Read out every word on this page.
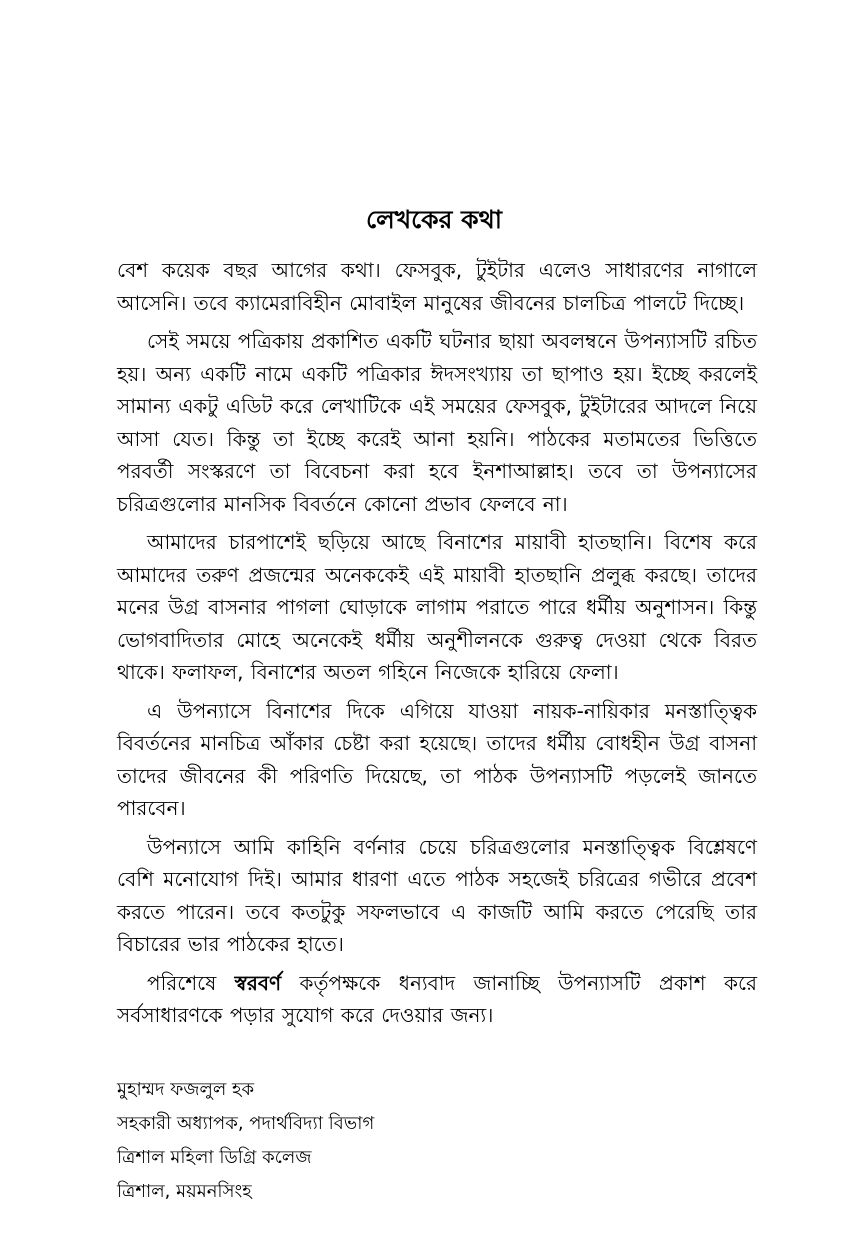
লেখকের কথা

বেশ কয়েক বছর আগের কথা। ফেসবুক, টুইটার এলেও সাধারণের নাগালে আসেনি। তবে ক্যামেরাবিহীন মোবাইল মানুষের জীবনের চালচিত্র পালটে দিচ্ছে।

সেই সময়ে পত্রিকায় প্রকাশিত একটি ঘটনার ছায়া অবলম্বনে উপন্যাসটি রচিত হয়। অন্য একটি নামে একটি পত্রিকার ঈদসংখ্যায় তা ছাপাও হয়। ইচ্ছে করলেই সামান্য একটু এডিট করে লেখাটিকে এই সময়ের ফেসবুক, টুইটারের আদলে নিয়ে আসা যেত। কিন্তু তা ইচ্ছে করেই আনা হয়নি। পাঠকের মতামতের ভিত্তিতে পরবর্তী সংস্করণে তা বিবেচনা করা হবে ইনশাআল্লাহ। তবে তা উপন্যাসের চরিত্রগুলোর মানসিক বিবর্তনে কোনো প্রভাব ফেলবে না।

আমাদের চারপাশেই ছড়িয়ে আছে বিনাশের মায়াবী হাতছানি। বিশেষ করে আমাদের তরুণ প্রজন্মের অনেককেই এই মায়াবী হাতছানি প্রলুব্ধ করছে। তাদের মনের উগ্র বাসনার পাগলা ঘোড়াকে লাগাম পরাতে পারে ধর্মীয় অনুশাসন। কিন্তু ভোগবাদিতার মোহে অনেকেই ধর্মীয় অনুশীলনকে গুরুত্ব দেওয়া থেকে বিরত থাকে। ফলাফল, বিনাশের অতল গহিনে নিজেকে হারিয়ে ফেলা।

এ উপন্যাসে বিনাশের দিকে এগিয়ে যাওয়া নায়ক-নায়িকার মনস্তাত্ত্বিক বিবর্তনের মানচিত্র আঁকার চেষ্টা করা হয়েছে। তাদের ধর্মীয় বোধহীন উগ্র বাসনা তাদের জীবনের কী পরিণতি দিয়েছে, তা পাঠক উপন্যাসটি পড়লেই জানতে পারবেন।

উপন্যাসে আমি কাহিনি বর্ণনার চেয়ে চরিত্রগুলোর মনস্তাত্ত্বিক বিশ্লেষণে বেশি মনোযোগ দিই। আমার ধারণা এতে পাঠক সহজেই চরিত্রের গভীরে প্রবেশ করতে পারেন। তবে কতটুকু সফলভাবে এ কাজটি আমি করতে পেরেছি তার বিচারের ভার পাঠকের হাতে।

পরিশেষে স্বরবর্ণ কর্তৃপক্ষকে ধন্যবাদ জানাচ্ছি উপন্যাসটি প্রকাশ করে সর্বসাধারণকে পড়ার সুযোগ করে দেওয়ার জন্য।

মুহাম্মদ ফজলুল হক
সহকারী অধ্যাপক, পদার্থবিদ্যা বিভাগ
ত্রিশাল মহিলা ডিগ্রি কলেজ
ত্রিশাল, ময়মনসিংহ
